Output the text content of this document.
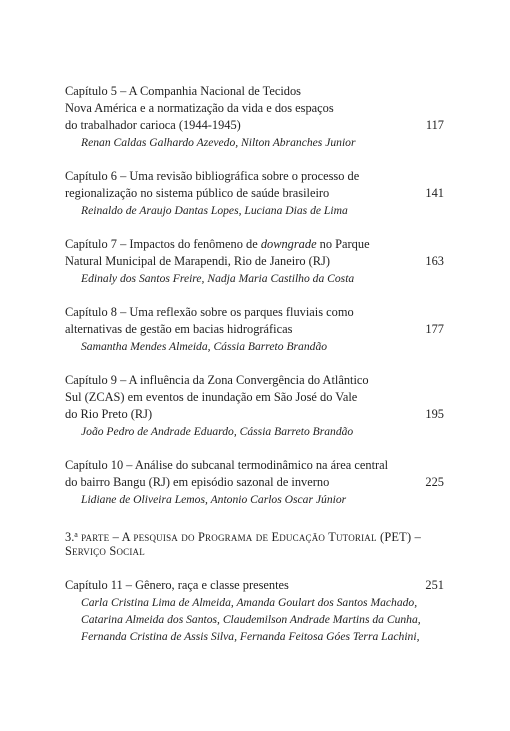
Capítulo 5 – A Companhia Nacional de Tecidos
Nova América e a normatização da vida e dos espaços
do trabalhador carioca (1944-1945)	117
Renan Caldas Galhardo Azevedo, Nilton Abranches Junior
Capítulo 6 – Uma revisão bibliográfica sobre o processo de
regionalização no sistema público de saúde brasileiro	141
Reinaldo de Araujo Dantas Lopes, Luciana Dias de Lima
Capítulo 7 – Impactos do fenômeno de downgrade no Parque
Natural Municipal de Marapendi, Rio de Janeiro (RJ)	163
Edinaly dos Santos Freire, Nadja Maria Castilho da Costa
Capítulo 8 – Uma reflexão sobre os parques fluviais como
alternativas de gestão em bacias hidrográficas	177
Samantha Mendes Almeida, Cássia Barreto Brandão
Capítulo 9 – A influência da Zona Convergência do Atlântico
Sul (ZCAS) em eventos de inundação em São José do Vale
do Rio Preto (RJ)	195
João Pedro de Andrade Eduardo, Cássia Barreto Brandão
Capítulo 10 – Análise do subcanal termodinâmico na área central
do bairro Bangu (RJ) em episódio sazonal de inverno	225
Lidiane de Oliveira Lemos, Antonio Carlos Oscar Júnior
3.$^a$ parte – A pesquisa do Programa de Educação Tutorial (PET) –
Serviço Social
Capítulo 11 – Gênero, raça e classe presentes	251
Carla Cristina Lima de Almeida, Amanda Goulart dos Santos Machado,
Catarina Almeida dos Santos, Claudemilson Andrade Martins da Cunha,
Fernanda Cristina de Assis Silva, Fernanda Feitosa Góes Terra Lachini,
